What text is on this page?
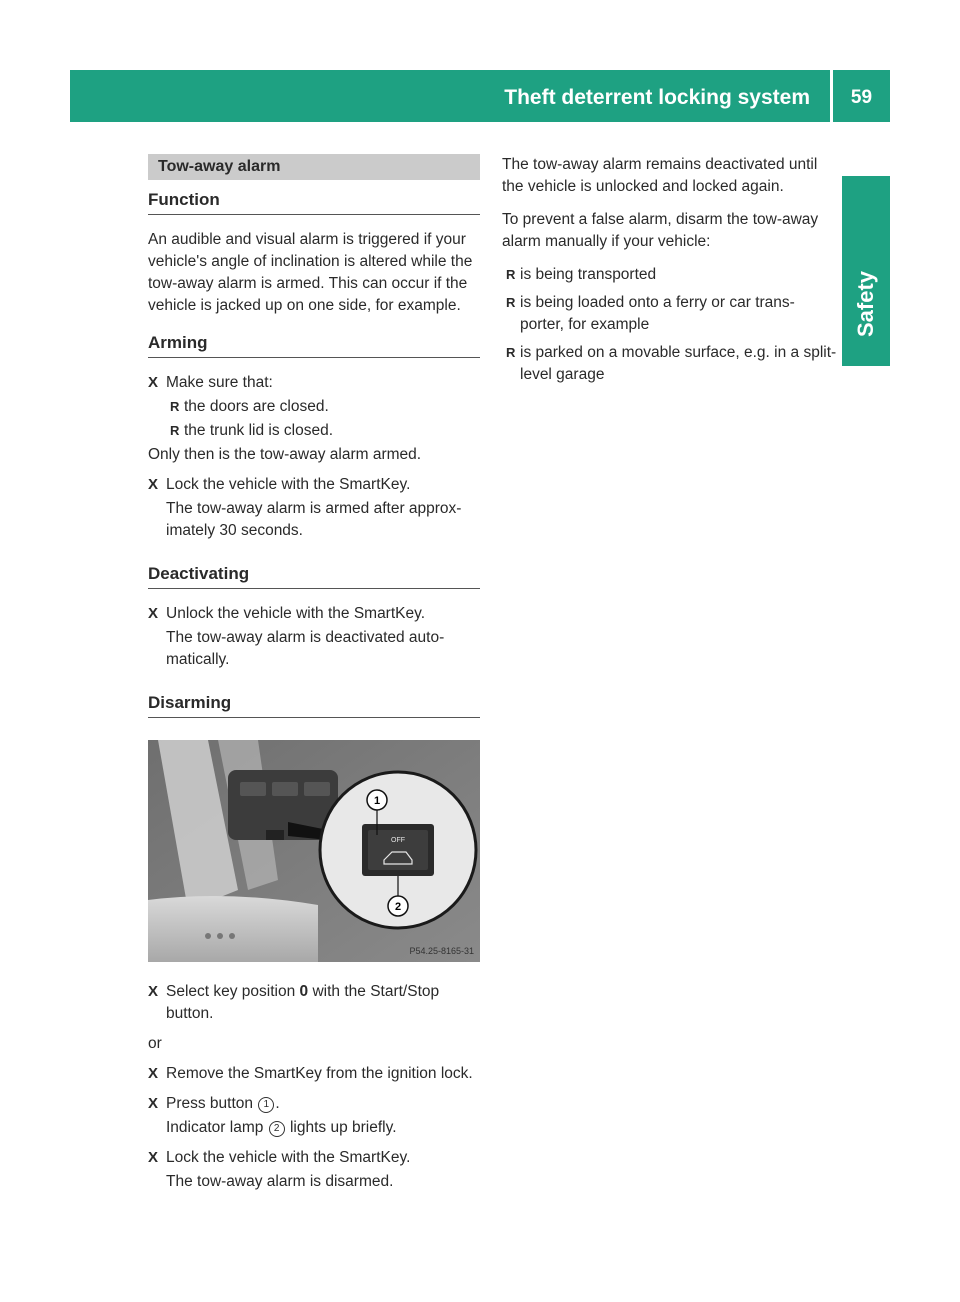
Theft deterrent locking system	59
Safety
Tow-away alarm
Function

An audible and visual alarm is triggered if your vehicle's angle of inclination is altered while the tow-away alarm is armed. This can occur if the vehicle is jacked up on one side, for example.

Arming
X Make sure that:
R the doors are closed.
R the trunk lid is closed.
Only then is the tow-away alarm armed.
X Lock the vehicle with the SmartKey.
The tow-away alarm is armed after approx-imately 30 seconds.
Deactivating
X Unlock the vehicle with the SmartKey.
The tow-away alarm is deactivated auto-matically.
Disarming
OFF
1
2
P54.25-8165-31
X Select key position 0 with the Start/Stop button.
or
X Remove the SmartKey from the ignition lock.
X Press button 1 .
Indicator lamp 2 lights up briefly.
X Lock the vehicle with the SmartKey.
The tow-away alarm is disarmed.

The tow-away alarm remains deactivated until the vehicle is unlocked and locked again.

To prevent a false alarm, disarm the tow-away alarm manually if your vehicle:

R is being transported
R is being loaded onto a ferry or car trans-porter, for example
R is parked on a movable surface, e.g. in a split-level garage
